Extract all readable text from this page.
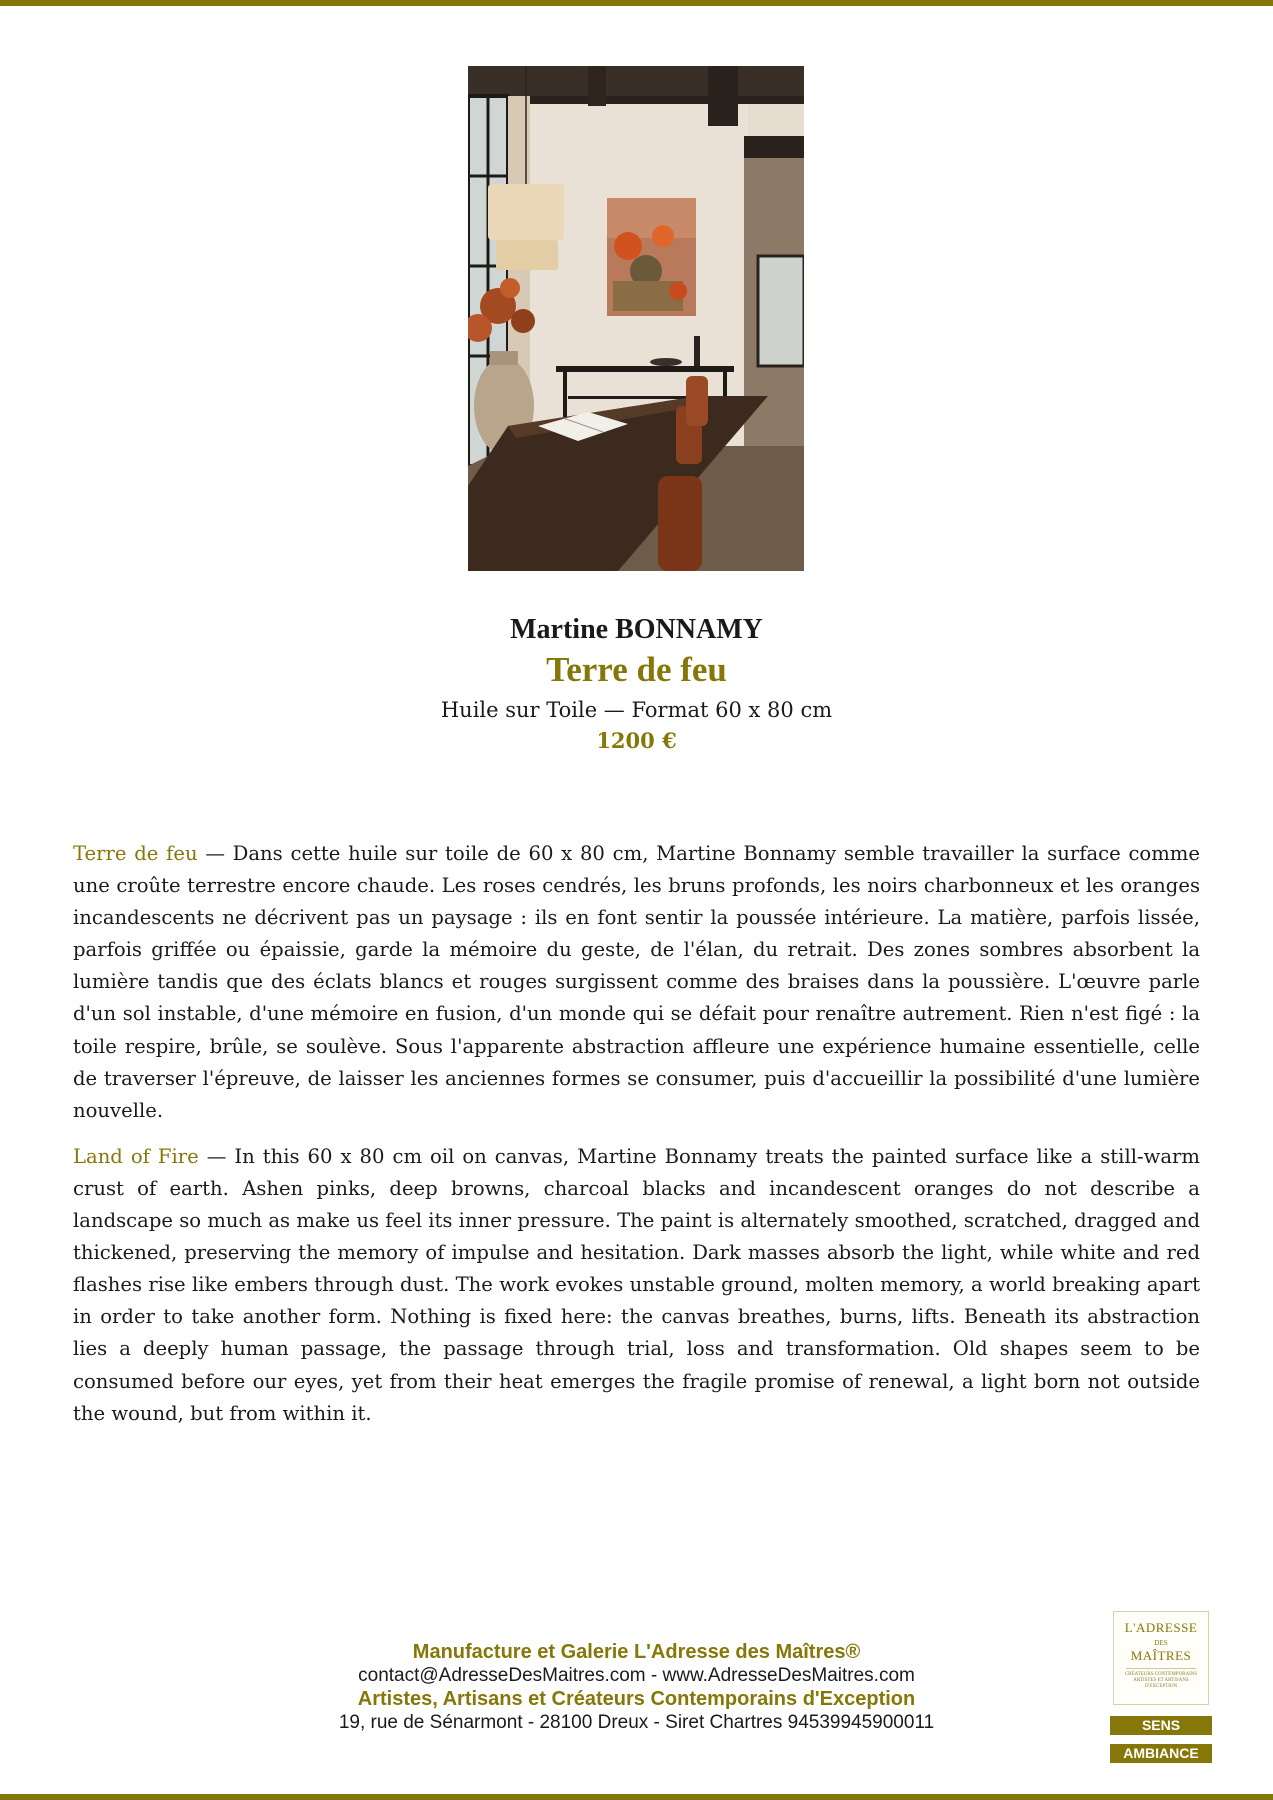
Martine BONNAMY
Terre de feu
Huile sur Toile — Format 60 x 80 cm
1200 €

Terre de feu — Dans cette huile sur toile de 60 x 80 cm, Martine Bonnamy semble travailler la surface comme une croûte terrestre encore chaude. Les roses cendrés, les bruns profonds, les noirs charbonneux et les oranges incandescents ne décrivent pas un paysage : ils en font sentir la poussée intérieure. La matière, parfois lissée, parfois griffée ou épaissie, garde la mémoire du geste, de l'élan, du retrait. Des zones sombres absorbent la lumière tandis que des éclats blancs et rouges surgissent comme des braises dans la poussière. L'œuvre parle d'un sol instable, d'une mémoire en fusion, d'un monde qui se défait pour renaître autrement. Rien n'est figé : la toile respire, brûle, se soulève. Sous l'apparente abstraction affleure une expérience humaine essentielle, celle de traverser l'épreuve, de laisser les anciennes formes se consumer, puis d'accueillir la possibilité d'une lumière nouvelle.

Land of Fire — In this 60 x 80 cm oil on canvas, Martine Bonnamy treats the painted surface like a still-warm crust of earth. Ashen pinks, deep browns, charcoal blacks and incandescent oranges do not describe a landscape so much as make us feel its inner pressure. The paint is alternately smoothed, scratched, dragged and thickened, preserving the memory of impulse and hesitation. Dark masses absorb the light, while white and red flashes rise like embers through dust. The work evokes unstable ground, molten memory, a world breaking apart in order to take another form. Nothing is fixed here: the canvas breathes, burns, lifts. Beneath its abstraction lies a deeply human passage, the passage through trial, loss and transformation. Old shapes seem to be consumed before our eyes, yet from their heat emerges the fragile promise of renewal, a light born not outside the wound, but from within it.

Manufacture et Galerie L'Adresse des Maîtres®
contact@AdresseDesMaitres.com - www.AdresseDesMaitres.com
Artistes, Artisans et Créateurs Contemporains d'Exception
19, rue de Sénarmont - 28100 Dreux - Siret Chartres 94539945900011
L'ADRESSE
DES
MAÎTRES
CRÉATEURS CONTEMPORAINS ARTISTES ET ARTISANS D'EXCEPTION
SENS
AMBIANCE
